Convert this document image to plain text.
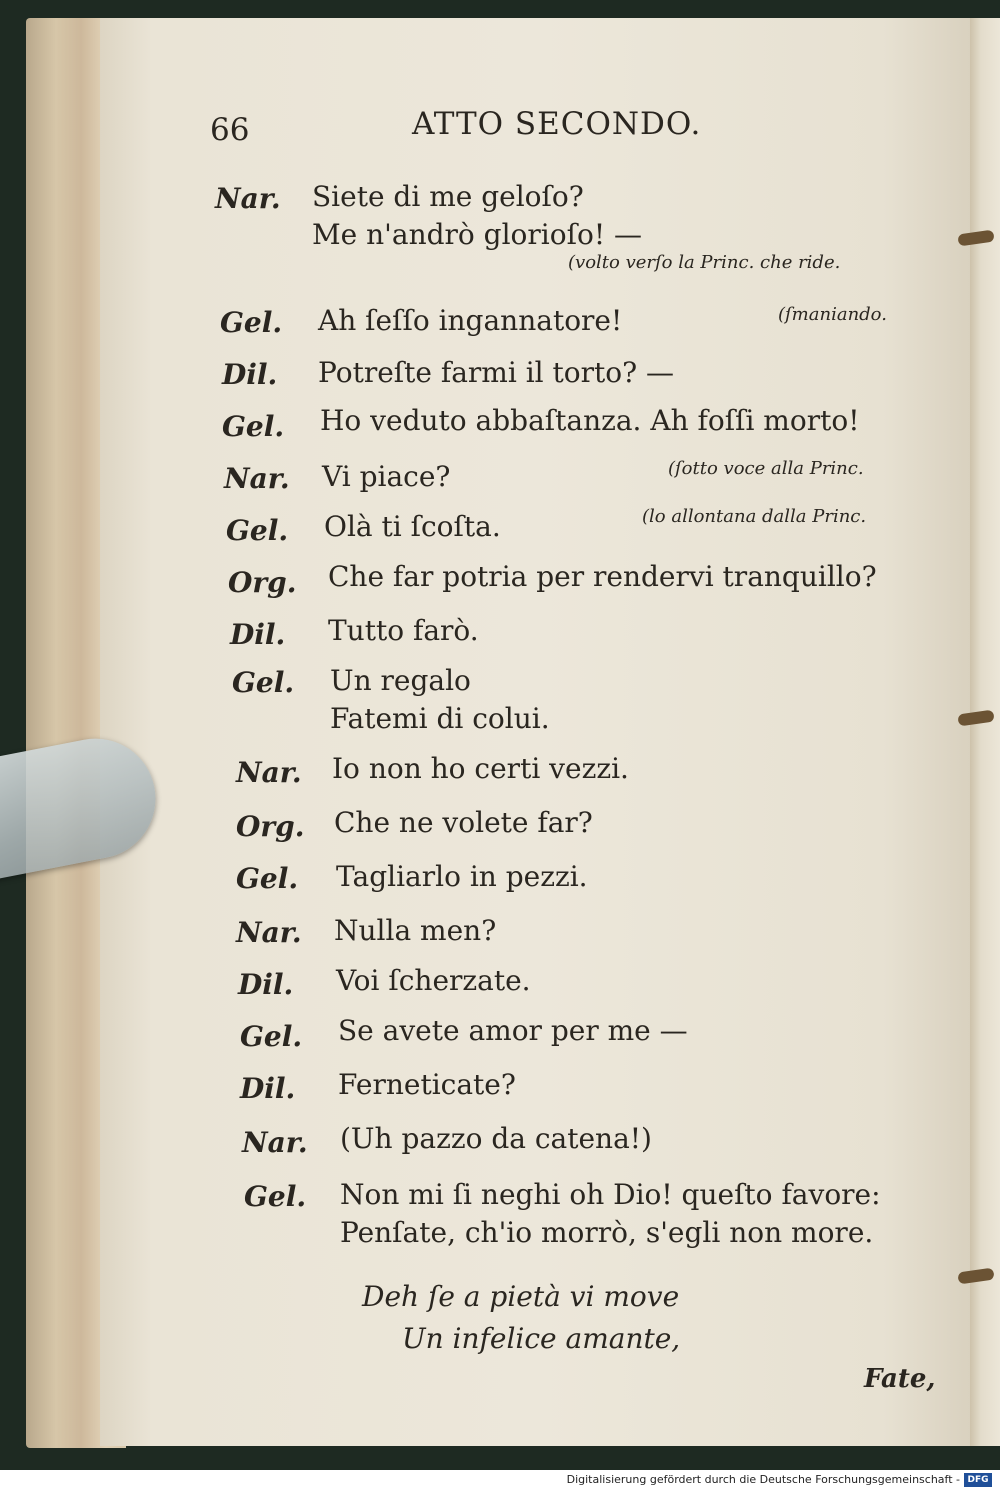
66	ATTO SECONDO.
Nar. Siete di me geloſo?
Me n'andrò glorioſo! —
(volto verſo la Princ. che ride.
Gel. Ah ſeſſo ingannatore!	(ſmaniando.
Dil. Potreſte farmi il torto? —
Gel. Ho veduto abbaſtanza. Ah foſſi morto!
Nar. Vi piace?	(ſotto voce alla Princ.
Gel. Olà ti ſcoſta.	(lo allontana dalla Princ.
Org. Che far potria per rendervi tranquillo?
Dil. Tutto farò.
Gel. Un regalo
Fatemi di colui.
Nar. Io non ho certi vezzi.
Org. Che ne volete far?
Gel. Tagliarlo in pezzi.
Nar. Nulla men?
Dil. Voi ſcherzate.
Gel. Se avete amor per me —
Dil. Ferneticate?
Nar. (Uh pazzo da catena!)
Gel. Non mi ſi neghi oh Dio! queſto favore:
Penſate, ch'io morrò, s'egli non more.
Deh ſe a pietà vi move
Un infelice amante,
Fate,
Digitalisierung gefördert durch die Deutsche Forschungsgemeinschaft - DFG
